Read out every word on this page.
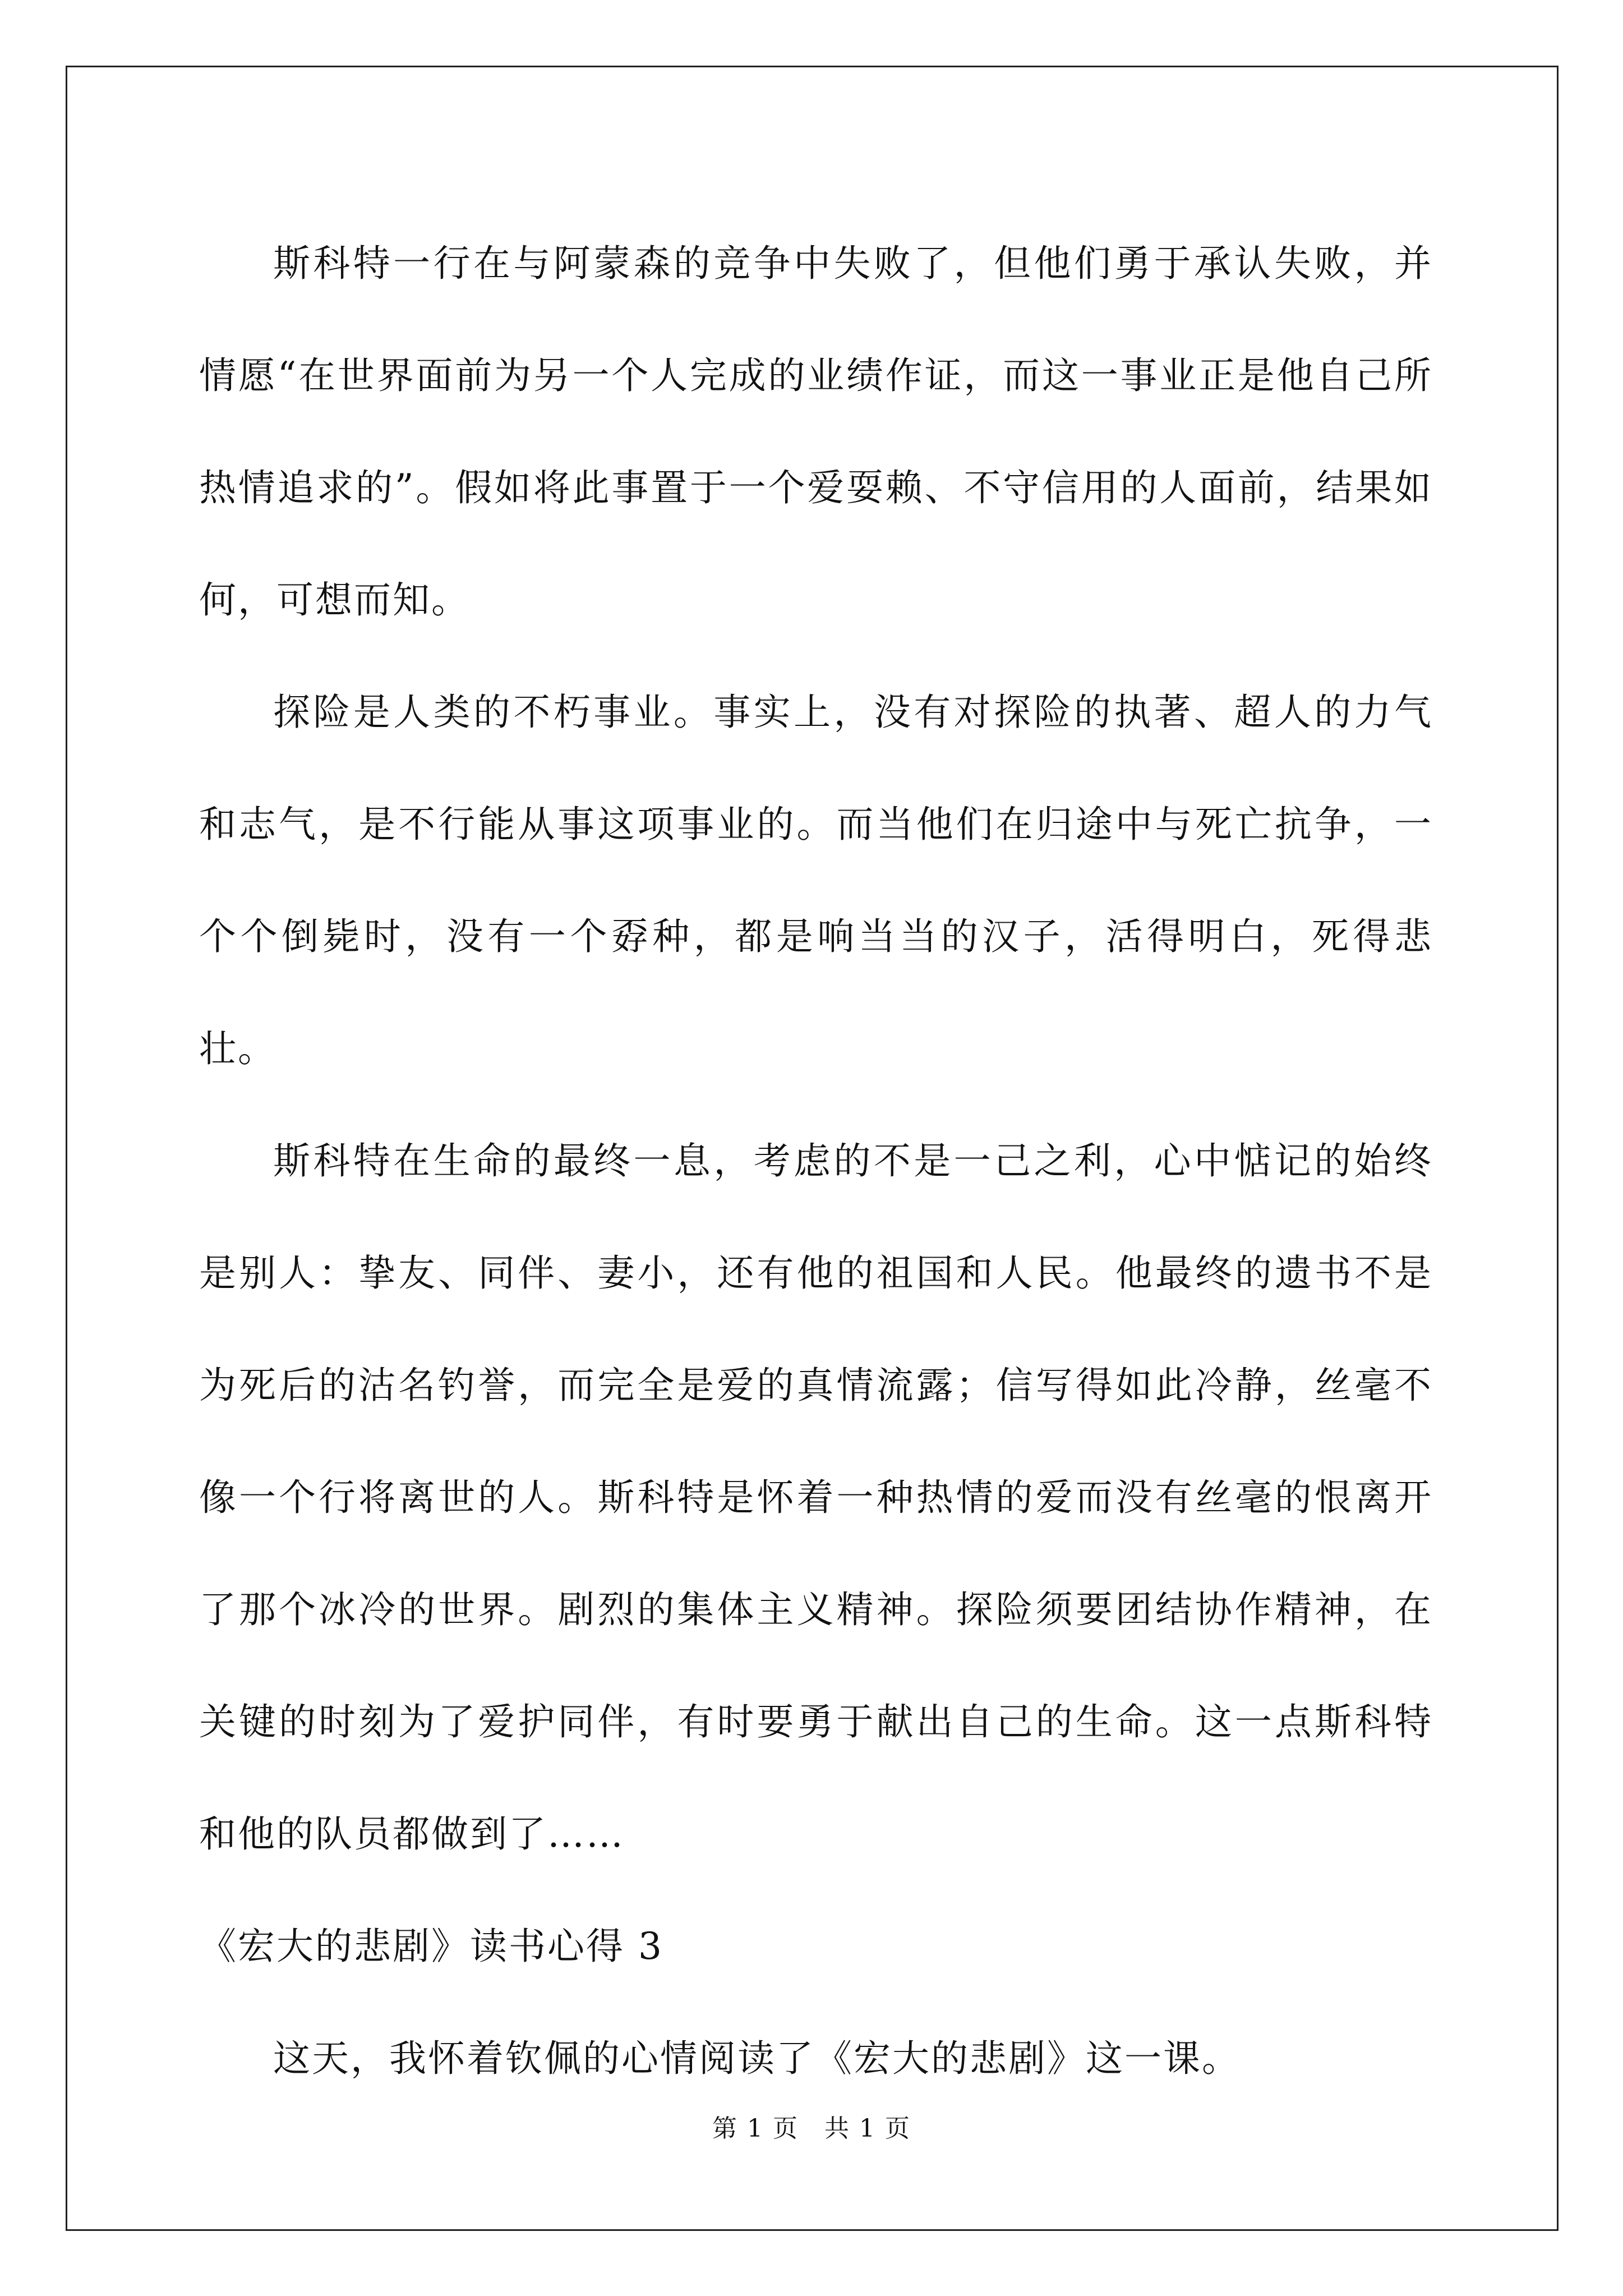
斯科特一行在与阿蒙森的竞争中失败了，但他们勇于承认失败，并情愿“在世界面前为另一个人完成的业绩作证，而这一事业正是他自己所热情追求的”。假如将此事置于一个爱耍赖、不守信用的人面前，结果如何，可想而知。

探险是人类的不朽事业。事实上，没有对探险的执著、超人的力气和志气，是不行能从事这项事业的。而当他们在归途中与死亡抗争，一个个倒毙时，没有一个孬种，都是响当当的汉子，活得明白，死得悲壮。

斯科特在生命的最终一息，考虑的不是一己之利，心中惦记的始终是别人：挚友、同伴、妻小，还有他的祖国和人民。他最终的遗书不是为死后的沽名钓誉，而完全是爱的真情流露；信写得如此冷静，丝毫不像一个行将离世的人。斯科特是怀着一种热情的爱而没有丝毫的恨离开了那个冰冷的世界。剧烈的集体主义精神。探险须要团结协作精神，在关键的时刻为了爱护同伴，有时要勇于献出自己的生命。这一点斯科特和他的队员都做到了……

《宏大的悲剧》读书心得 3

这天，我怀着钦佩的心情阅读了《宏大的悲剧》这一课。

第 1 页　共 1 页
